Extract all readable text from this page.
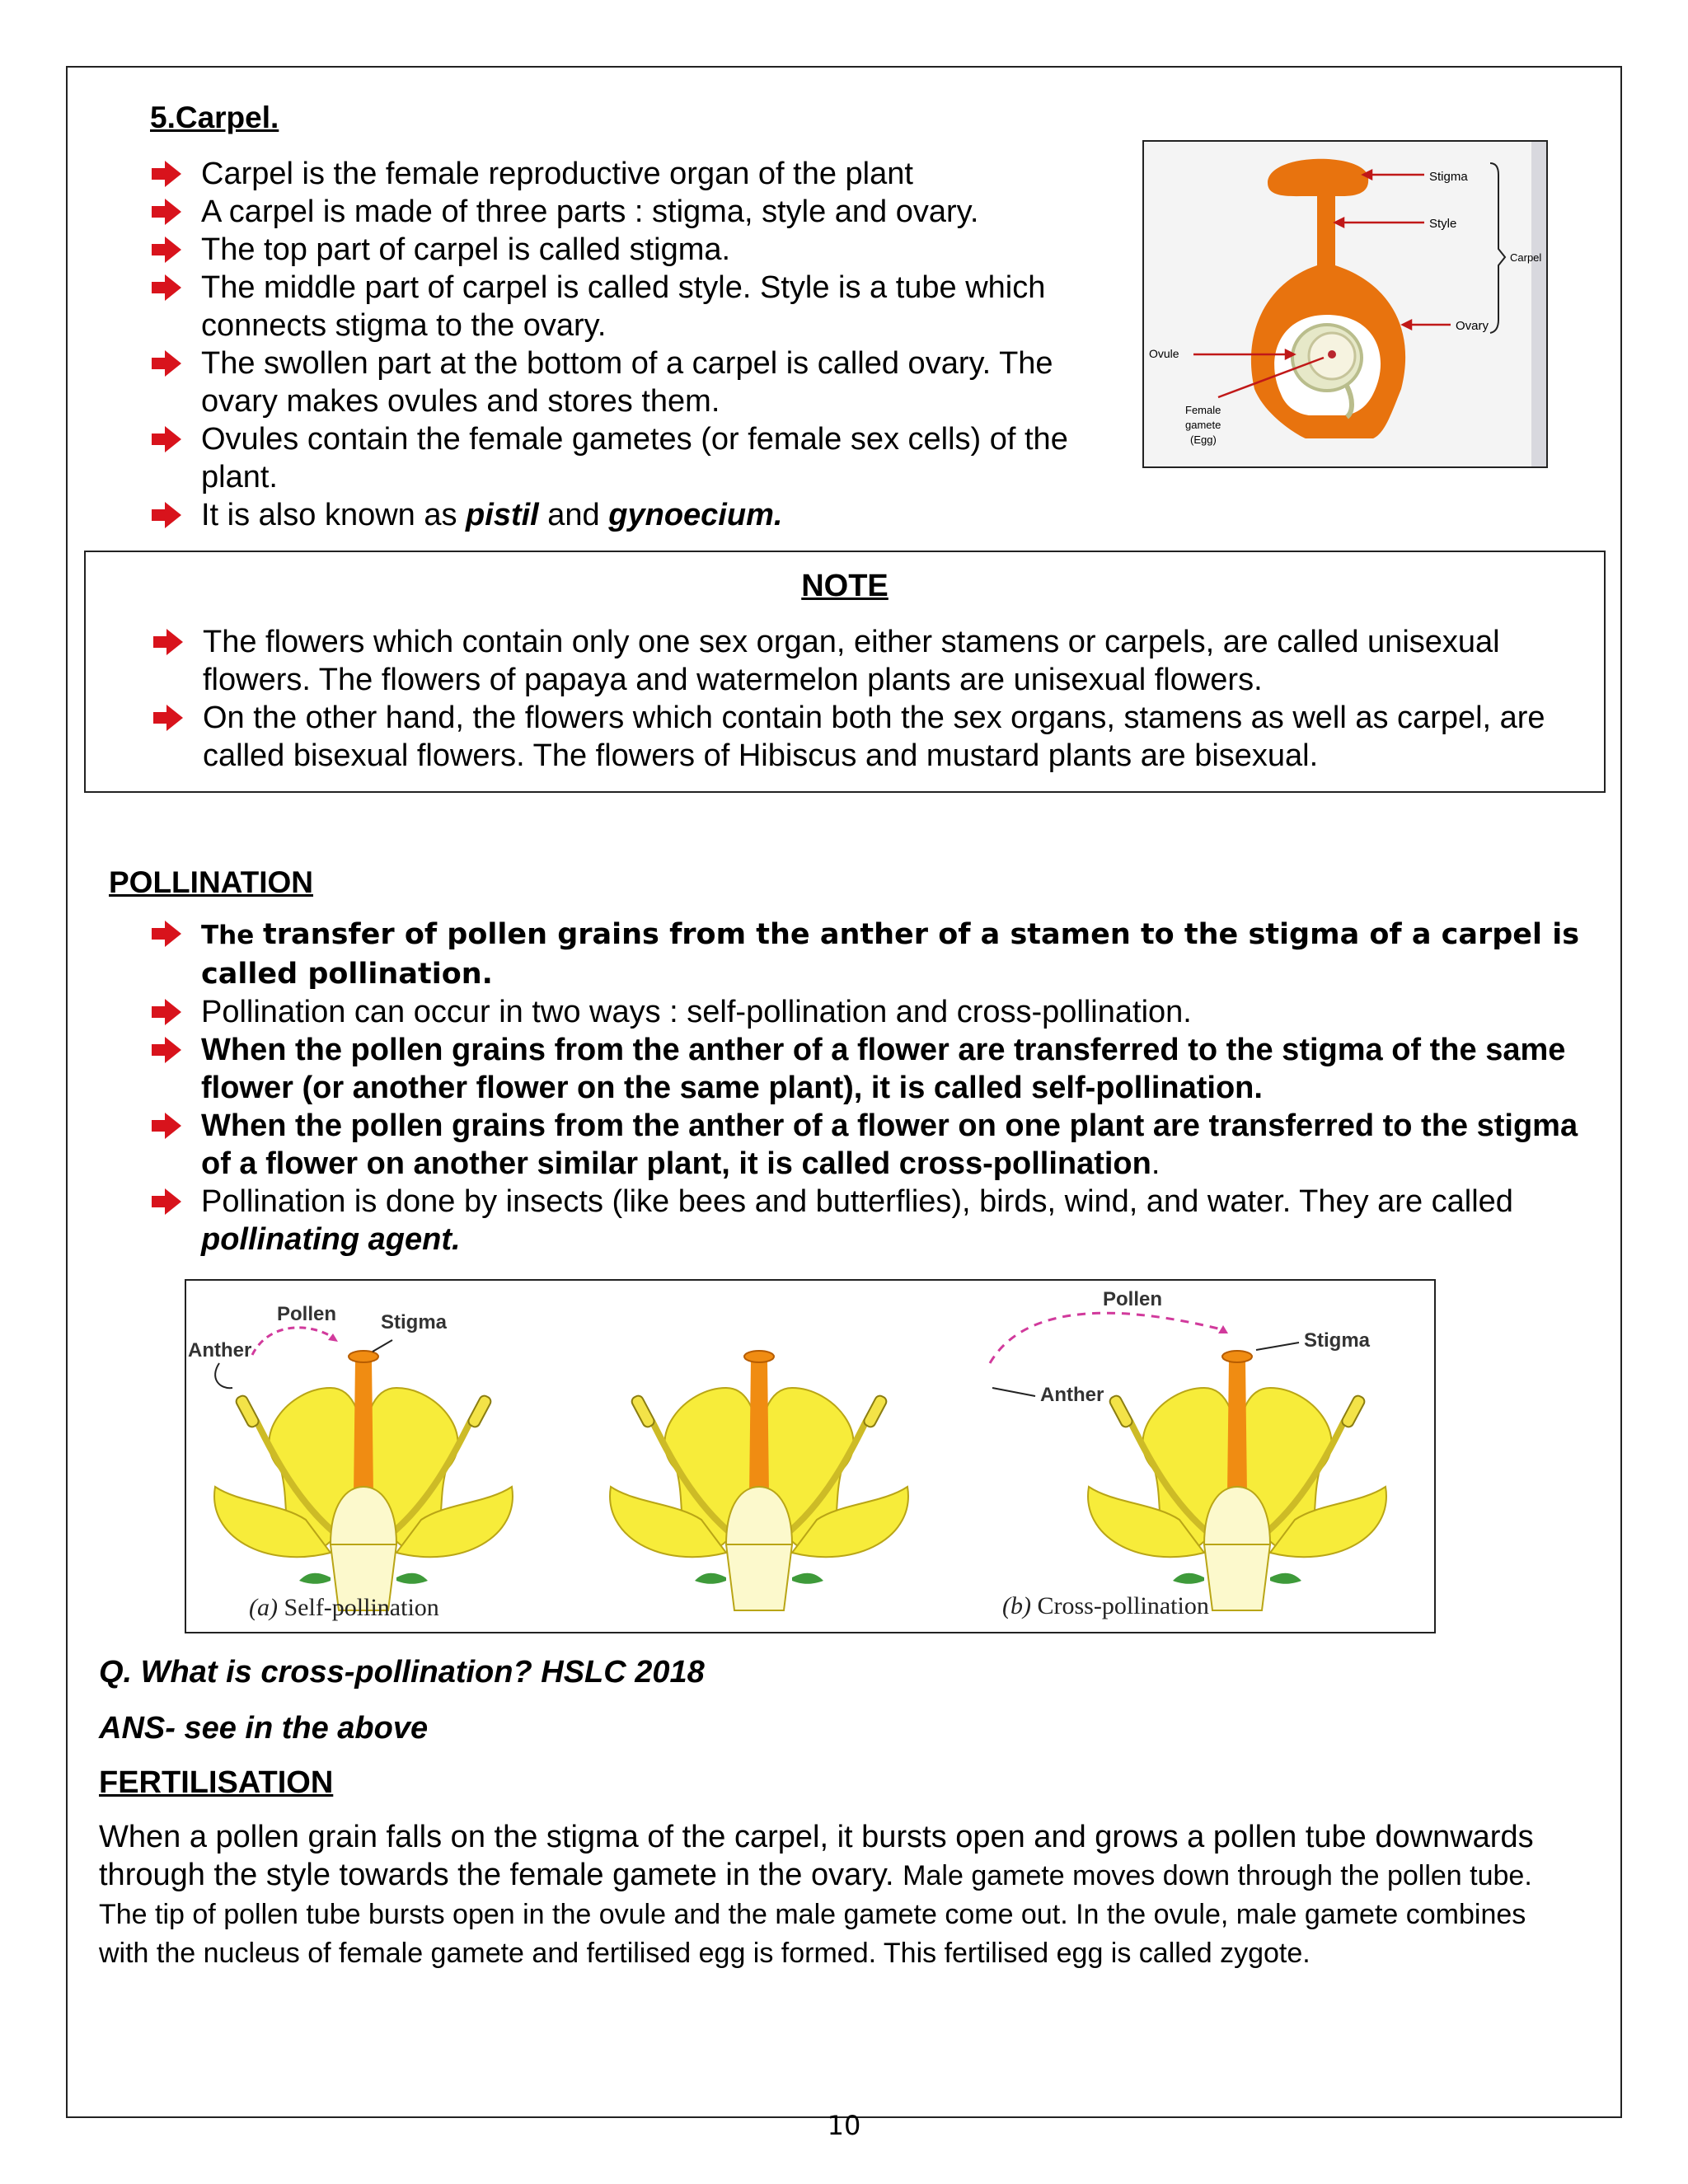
5.Carpel.
Carpel is the female reproductive organ of the plant
A carpel is made of three parts : stigma, style and ovary.
The top part of carpel is called stigma.
The middle part of carpel is called style. Style is a tube which connects stigma to the ovary.
The swollen part at the bottom of a carpel is called ovary. The ovary makes ovules and stores them.
Ovules contain the female gametes (or female sex cells) of the plant.
It is also known as pistil and gynoecium.
Stigma
Style
Carpel
Ovary
Ovule
Female
gamete
(Egg)
NOTE
The flowers which contain only one sex organ, either stamens or carpels, are called unisexual flowers. The flowers of papaya and watermelon plants are unisexual flowers.
On the other hand, the flowers which contain both the sex organs, stamens as well as carpel, are called bisexual flowers. The flowers of Hibiscus and mustard plants are bisexual.
POLLINATION
The transfer of pollen grains from the anther of a stamen to the stigma of a carpel is called pollination.
Pollination can occur in two ways : self-pollination and cross-pollination.
When the pollen grains from the anther of a flower are transferred to the stigma of the same flower (or another flower on the same plant), it is called self-pollination.
When the pollen grains from the anther of a flower on one plant are transferred to the stigma of a flower on another similar plant, it is called cross-pollination.
Pollination is done by insects (like bees and butterflies), birds, wind, and water. They are called pollinating agent.
Anther
Pollen Stigma
Pollen
Anther
Stigma
(a) Self-pollination	(b) Cross-pollination
Q. What is cross-pollination? HSLC 2018
ANS- see in the above
FERTILISATION
When a pollen grain falls on the stigma of the carpel, it bursts open and grows a pollen tube downwards through the style towards the female gamete in the ovary. Male gamete moves down through the pollen tube. The tip of pollen tube bursts open in the ovule and the male gamete come out. In the ovule, male gamete combines with the nucleus of female gamete and fertilised egg is formed. This fertilised egg is called zygote.
10
